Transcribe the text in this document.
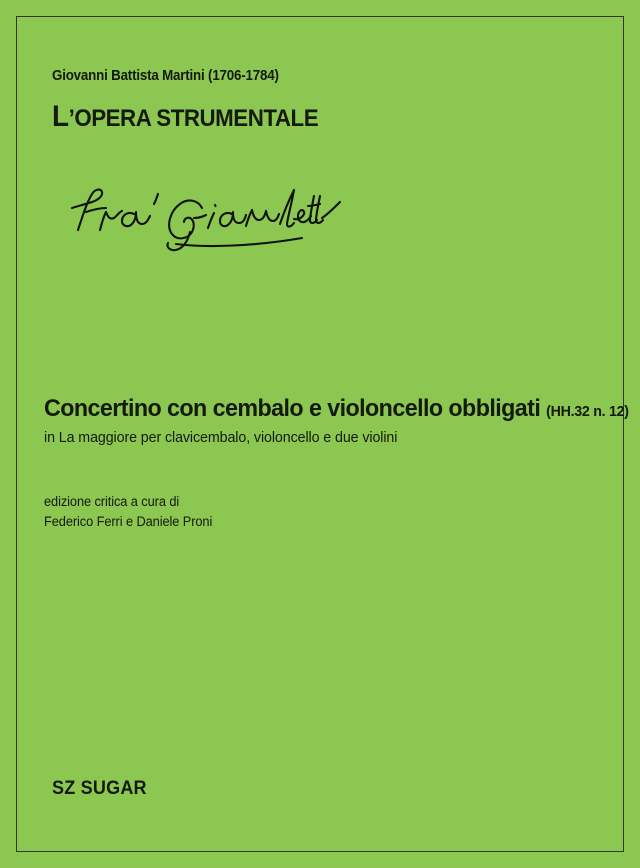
Giovanni Battista Martini (1706-1784)
L’OPERA STRUMENTALE
Concertino con cembalo e violoncello obbligati (HH.32 n. 12)
in La maggiore per clavicembalo, violoncello e due violini
edizione critica a cura di
Federico Ferri e Daniele Proni
SZ SUGAR
